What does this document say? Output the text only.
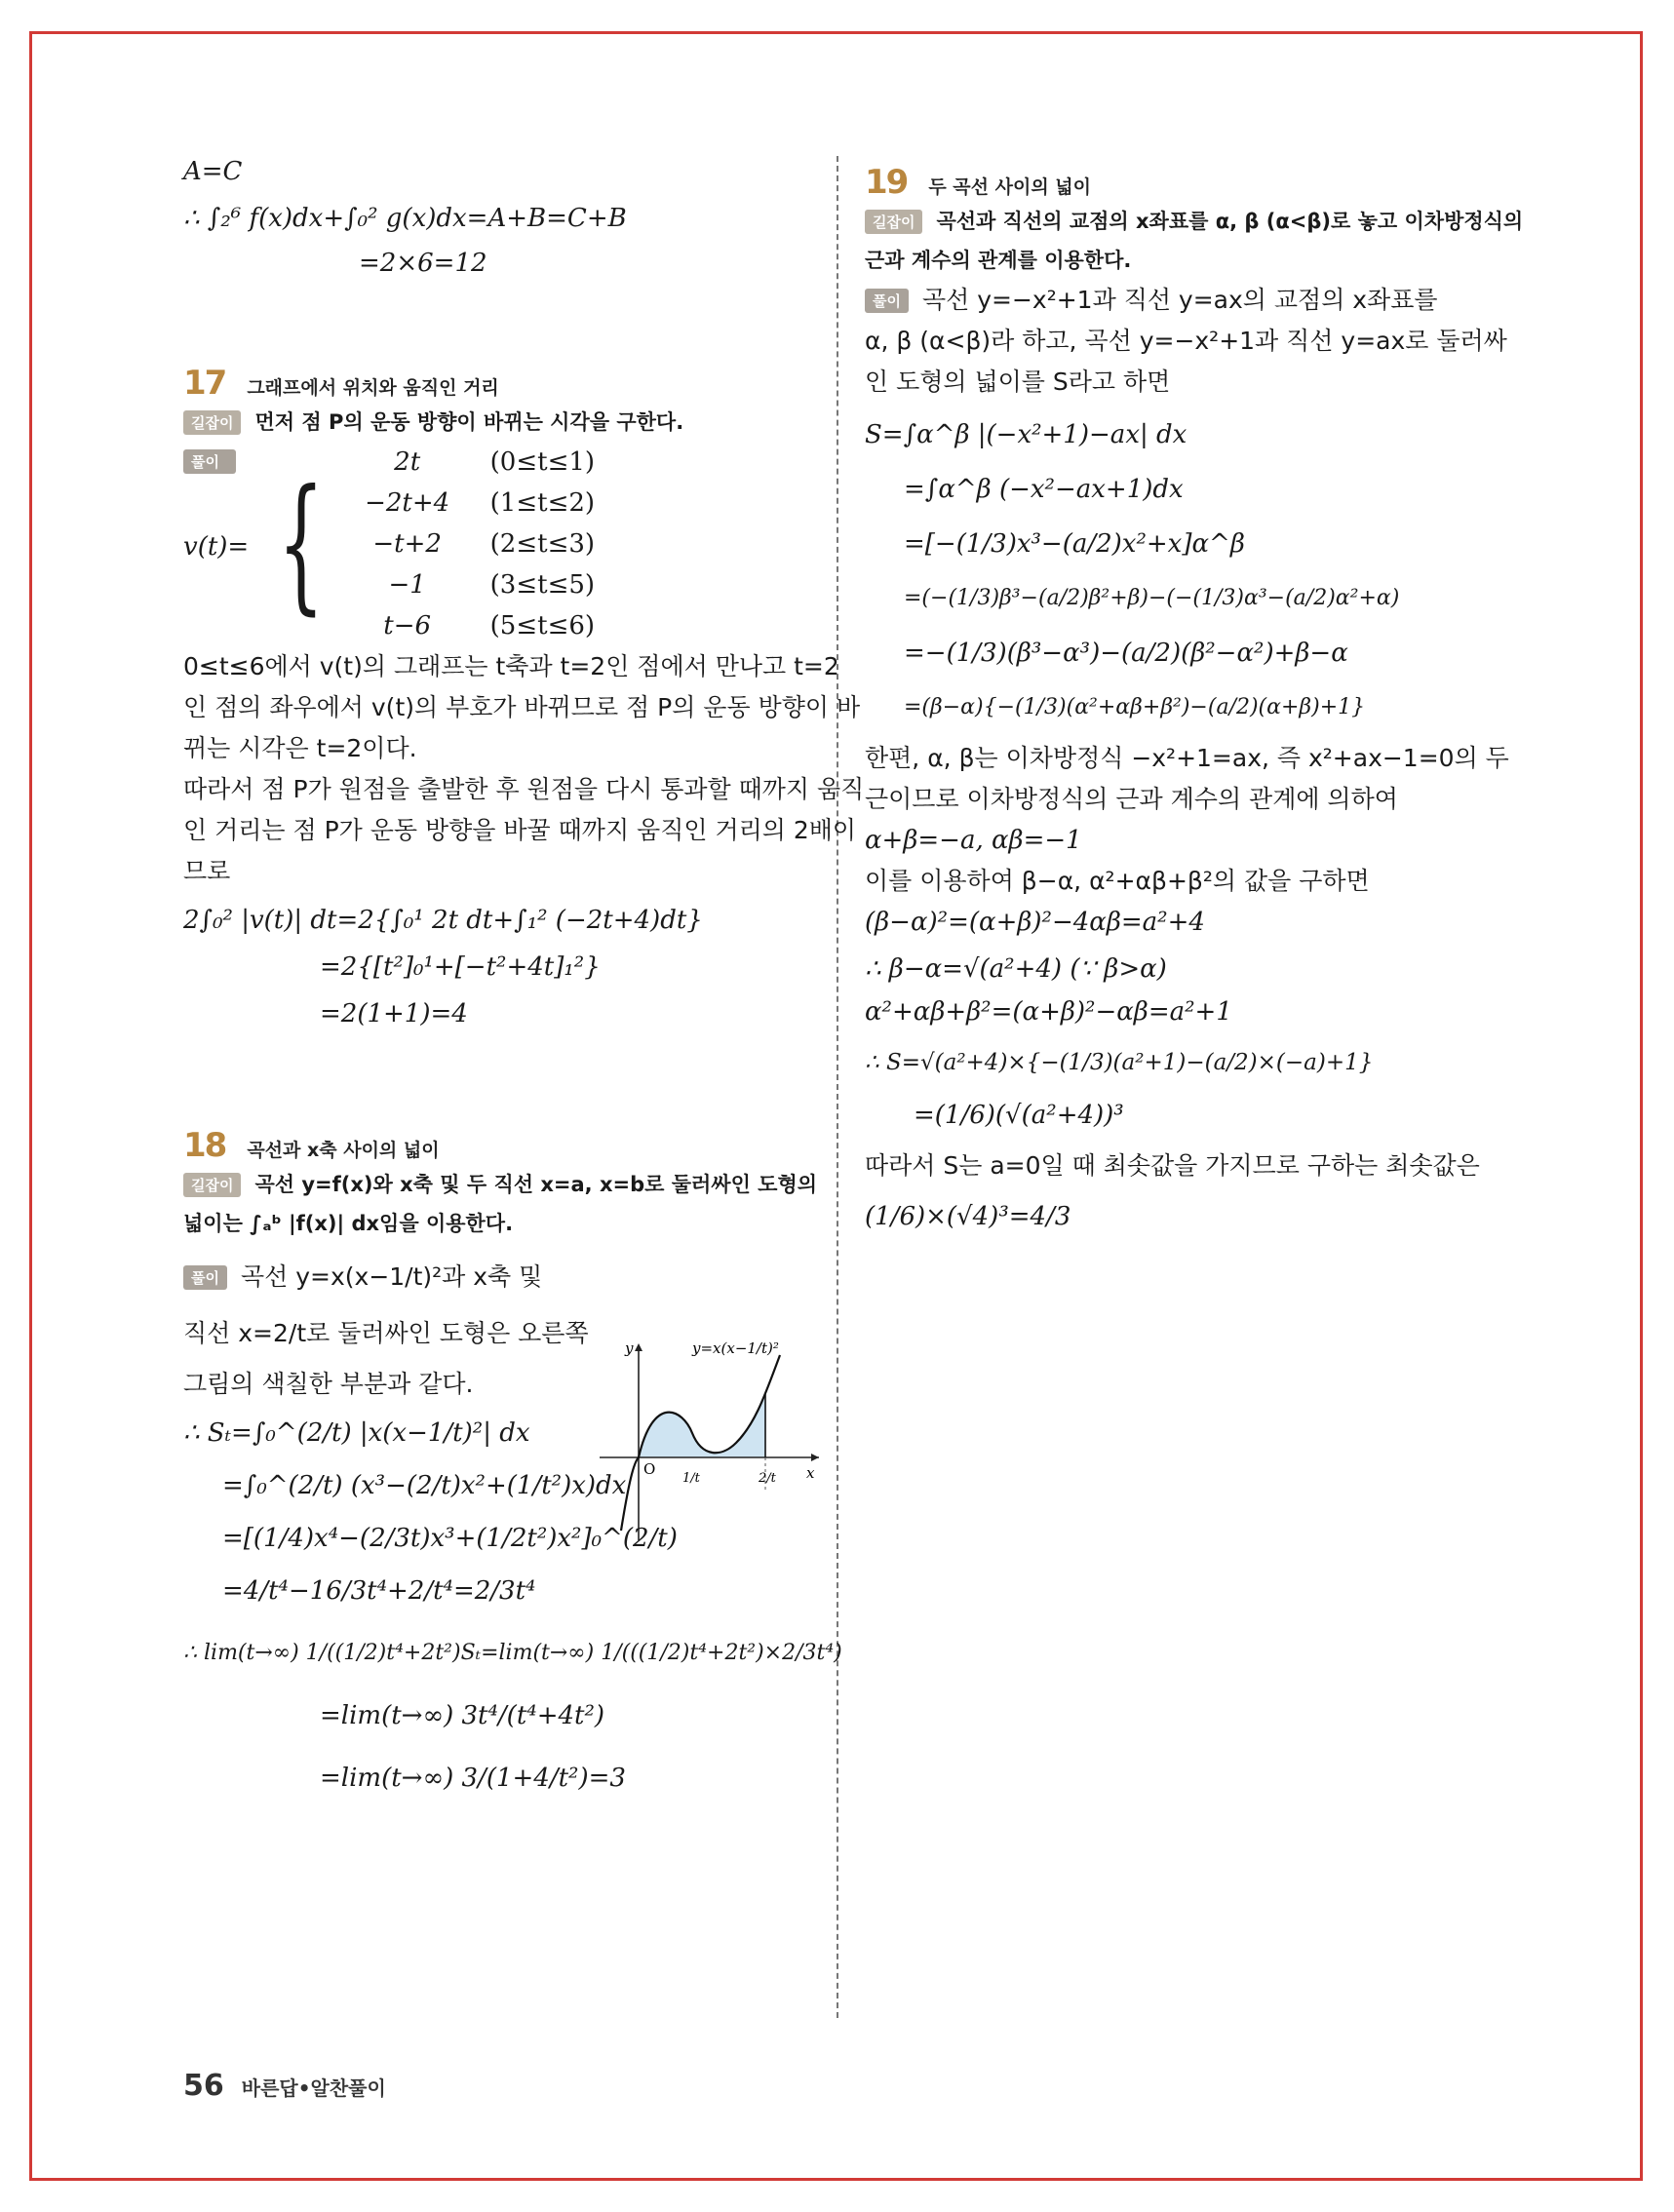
A=C
∴ ∫₂⁶ f(x)dx+∫₀² g(x)dx=A+B=C+B
=2×6=12
17 그래프에서 위치와 움직인 거리
길잡이	먼저 점 P의 운동 방향이 바뀌는 시각을 구한다.
풀이
v(t)= {	2t	(0≤t≤1)
−2t+4	(1≤t≤2)
−t+2	(2≤t≤3)
−1	(3≤t≤5)
t−6	(5≤t≤6)
0≤t≤6에서 v(t)의 그래프는 t축과 t=2인 점에서 만나고 t=2
인 점의 좌우에서 v(t)의 부호가 바뀌므로 점 P의 운동 방향이 바
뀌는 시각은 t=2이다.
따라서 점 P가 원점을 출발한 후 원점을 다시 통과할 때까지 움직
인 거리는 점 P가 운동 방향을 바꿀 때까지 움직인 거리의 2배이
므로
2∫₀² |v(t)| dt=2{∫₀¹ 2t dt+∫₁² (−2t+4)dt}
=2{[t²]₀¹+[−t²+4t]₁²}
=2(1+1)=4
18 곡선과 x축 사이의 넓이
길잡이	곡선 y=f(x)와 x축 및 두 직선 x=a, x=b로 둘러싸인 도형의
넓이는 ∫ₐᵇ |f(x)| dx임을 이용한다.
풀이 곡선 y=x(x−1/t)²과 x축 및
직선 x=2/t로 둘러싸인 도형은 오른쪽
그림의 색칠한 부분과 같다.
∴ Sₜ=∫₀^(2/t) |x(x−1/t)²| dx
=∫₀^(2/t) (x³−(2/t)x²+(1/t²)x)dx
=[(1/4)x⁴−(2/3t)x³+(1/2t²)x²]₀^(2/t)
=4/t⁴−16/3t⁴+2/t⁴=2/3t⁴
∴ lim(t→∞) 1/((1/2)t⁴+2t²)Sₜ=lim(t→∞) 1/(((1/2)t⁴+2t²)×2/3t⁴)
=lim(t→∞) 3t⁴/(t⁴+4t²)
=lim(t→∞) 3/(1+4/t²)=3
y
x
O
1/t	2/t
y=x(x−1/t)²
19 두 곡선 사이의 넓이
길잡이	곡선과 직선의 교점의 x좌표를 α, β (α<β)로 놓고 이차방정식의
근과 계수의 관계를 이용한다.
풀이 곡선 y=−x²+1과 직선 y=ax의 교점의 x좌표를
α, β (α<β)라 하고, 곡선 y=−x²+1과 직선 y=ax로 둘러싸
인 도형의 넓이를 S라고 하면
S=∫α^β |(−x²+1)−ax| dx
=∫α^β (−x²−ax+1)dx
=[−(1/3)x³−(a/2)x²+x]α^β
=(−(1/3)β³−(a/2)β²+β)−(−(1/3)α³−(a/2)α²+α)
=−(1/3)(β³−α³)−(a/2)(β²−α²)+β−α
=(β−α){−(1/3)(α²+αβ+β²)−(a/2)(α+β)+1}
한편, α, β는 이차방정식 −x²+1=ax, 즉 x²+ax−1=0의 두
근이므로 이차방정식의 근과 계수의 관계에 의하여
α+β=−a, αβ=−1
이를 이용하여 β−α, α²+αβ+β²의 값을 구하면
(β−α)²=(α+β)²−4αβ=a²+4
∴ β−α=√(a²+4) (∵ β>α)
α²+αβ+β²=(α+β)²−αβ=a²+1
∴ S=√(a²+4)×{−(1/3)(a²+1)−(a/2)×(−a)+1}
=(1/6)(√(a²+4))³
따라서 S는 a=0일 때 최솟값을 가지므로 구하는 최솟값은
(1/6)×(√4)³=4/3
56 바른답•알찬풀이
